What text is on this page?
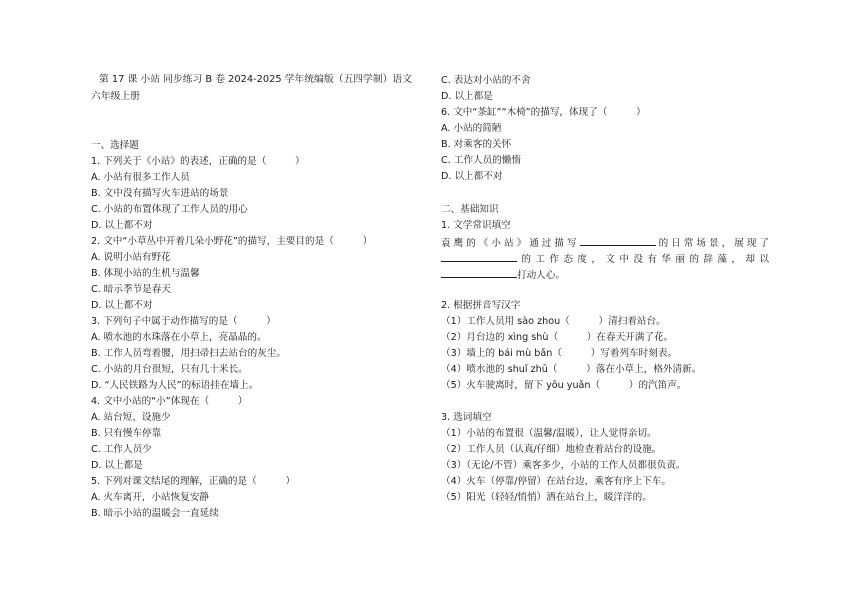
第 17 课 小站 同步练习 B 卷 2024-2025 学年统编版（五四学制）语文
六年级上册
一、选择题
1. 下列关于《小站》的表述，正确的是（　　　）
A. 小站有很多工作人员
B. 文中没有描写火车进站的场景
C. 小站的布置体现了工作人员的用心
D. 以上都不对
2. 文中“小草丛中开着几朵小野花”的描写，主要目的是（　　　）
A. 说明小站有野花
B. 体现小站的生机与温馨
C. 暗示季节是春天
D. 以上都不对
3. 下列句子中属于动作描写的是（　　　）
A. 喷水池的水珠落在小草上，亮晶晶的。
B. 工作人员弯着腰，用扫帚扫去站台的灰尘。
C. 小站的月台很短，只有几十米长。
D. “人民铁路为人民”的标语挂在墙上。
4. 文中小站的“小”体现在（　　　）
A. 站台短、设施少
B. 只有慢车停靠
C. 工作人员少
D. 以上都是
5. 下列对课文结尾的理解，正确的是（　　　）
A. 火车离开，小站恢复安静
B. 暗示小站的温暖会一直延续
袁鹰的《小站》通过描写	的日常场景，展现了
的工作态度，文中没有华丽的辞藻，却以
打动人心。
C. 表达对小站的不舍
D. 以上都是
6. 文中“茶缸”“木椅”的描写，体现了（　　　）
A. 小站的简陋
B. 对乘客的关怀
C. 工作人员的懒惰
D. 以上都不对
二、基础知识
1. 文学常识填空
2. 根据拼音写汉字
（1）工作人员用 sào zhou（　　　）清扫着站台。
（2）月台边的 xìng shù（　　　）在春天开满了花。
（3）墙上的 bái mù bǎn（　　　）写着列车时刻表。
（4）喷水池的 shuǐ zhū（　　　）落在小草上，格外清新。
（5）火车驶离时，留下 yōu yuǎn（　　　）的汽笛声。
3. 选词填空
（1）小站的布置很（温馨/温暖），让人觉得亲切。
（2）工作人员（认真/仔细）地检查着站台的设施。
（3）（无论/不管）乘客多少，小站的工作人员都很负责。
（4）火车（停靠/停留）在站台边，乘客有序上下车。
（5）阳光（轻轻/悄悄）洒在站台上，暖洋洋的。
